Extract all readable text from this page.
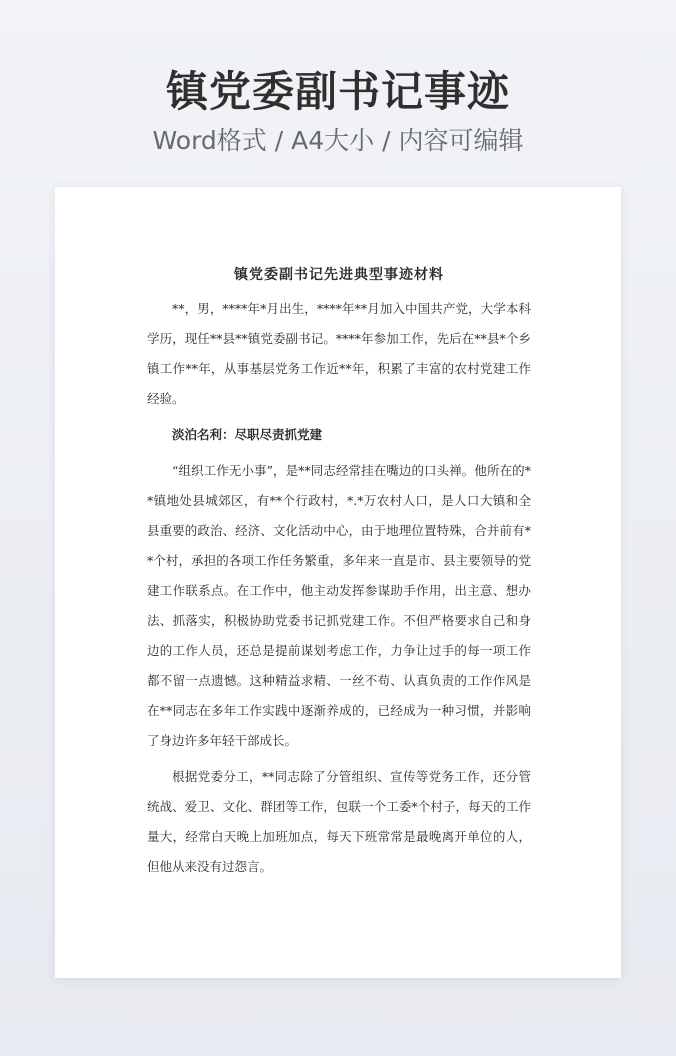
镇党委副书记事迹
Word格式 / A4大小 / 内容可编辑
镇党委副书记先进典型事迹材料

**，男，****年*月出生，****年**月加入中国共产党，大学本科学历，现任**县**镇党委副书记。****年参加工作，先后在**县*个乡镇工作**年，从事基层党务工作近**年，积累了丰富的农村党建工作经验。

淡泊名利：尽职尽责抓党建

“组织工作无小事”，是**同志经常挂在嘴边的口头禅。他所在的**镇地处县城郊区，有**个行政村，*.*万农村人口，是人口大镇和全县重要的政治、经济、文化活动中心，由于地理位置特殊，合并前有**个村，承担的各项工作任务繁重，多年来一直是市、县主要领导的党建工作联系点。在工作中，他主动发挥参谋助手作用，出主意、想办法、抓落实，积极协助党委书记抓党建工作。不但严格要求自己和身边的工作人员，还总是提前谋划考虑工作，力争让过手的每一项工作都不留一点遗憾。这种精益求精、一丝不苟、认真负责的工作作风是在**同志在多年工作实践中逐渐养成的，已经成为一种习惯，并影响了身边许多年轻干部成长。

根据党委分工，**同志除了分管组织、宣传等党务工作，还分管统战、爱卫、文化、群团等工作，包联一个工委*个村子，每天的工作量大，经常白天晚上加班加点，每天下班常常是最晚离开单位的人，但他从来没有过怨言。
